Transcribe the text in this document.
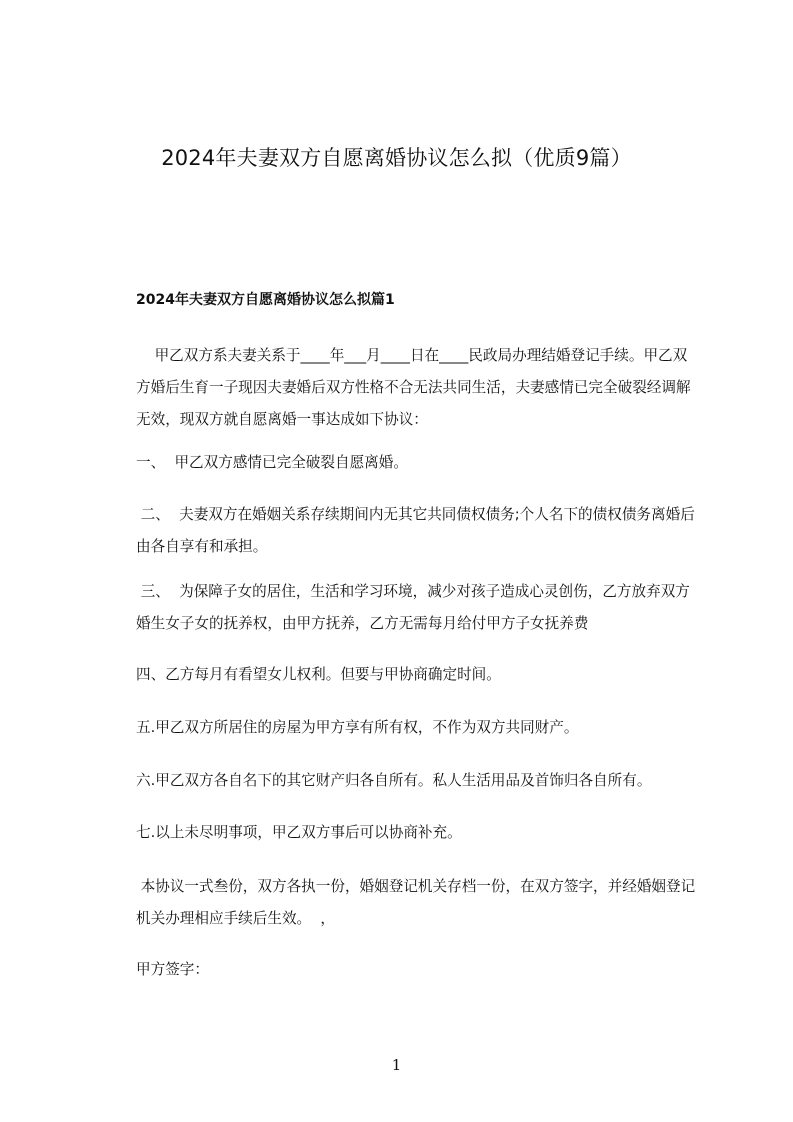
2024年夫妻双方自愿离婚协议怎么拟（优质9篇）
2024年夫妻双方自愿离婚协议怎么拟篇1

甲乙双方系夫妻关系于____年___月____日在____民政局办理结婚登记手续。甲乙双方婚后生育一子现因夫妻婚后双方性格不合无法共同生活，夫妻感情已完全破裂经调解无效，现双方就自愿离婚一事达成如下协议：

一、  甲乙双方感情已完全破裂自愿离婚。

二、  夫妻双方在婚姻关系存续期间内无其它共同债权债务;个人名下的债权债务离婚后由各自享有和承担。

三、  为保障子女的居住，生活和学习环境，减少对孩子造成心灵创伤，乙方放弃双方婚生女子女的抚养权，由甲方抚养，乙方无需每月给付甲方子女抚养费

四、乙方每月有看望女儿权利。但要与甲协商确定时间。

五.甲乙双方所居住的房屋为甲方享有所有权，不作为双方共同财产。

六.甲乙双方各自名下的其它财产归各自所有。私人生活用品及首饰归各自所有。

七.以上未尽明事项，甲乙双方事后可以协商补充。

本协议一式叁份，双方各执一份，婚姻登记机关存档一份，在双方签字，并经婚姻登记机关办理相应手续后生效。  ，

甲方签字：

1
